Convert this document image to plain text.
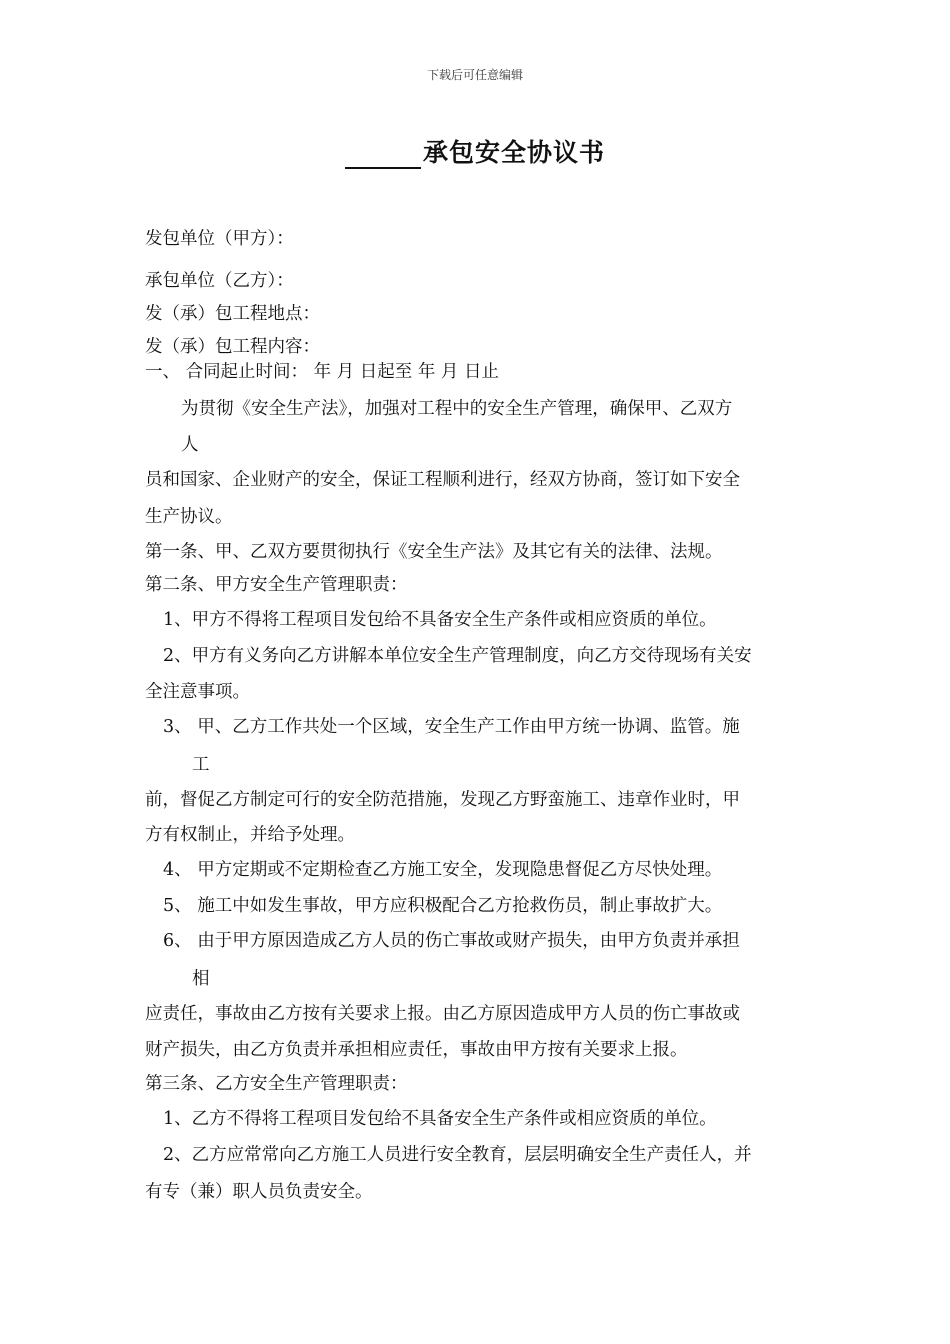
下载后可任意编辑
承包安全协议书
发包单位（甲方）：
承包单位（乙方）：
发（承）包工程地点：
发（承）包工程内容：
一、 合同起止时间： 年 月 日起至 年 月 日止
为贯彻《安全生产法》，加强对工程中的安全生产管理，确保甲、乙双方
人
员和国家、企业财产的安全，保证工程顺利进行，经双方协商，签订如下安全
生产协议。
第一条、甲、乙双方要贯彻执行《安全生产法》及其它有关的法律、法规。
第二条、甲方安全生产管理职责：
1、甲方不得将工程项目发包给不具备安全生产条件或相应资质的单位。
2、甲方有义务向乙方讲解本单位安全生产管理制度，向乙方交待现场有关安
全注意事项。
3、 甲、乙方工作共处一个区域，安全生产工作由甲方统一协调、监管。施
工
前，督促乙方制定可行的安全防范措施，发现乙方野蛮施工、违章作业时，甲
方有权制止，并给予处理。
4、 甲方定期或不定期检查乙方施工安全，发现隐患督促乙方尽快处理。
5、 施工中如发生事故，甲方应积极配合乙方抢救伤员，制止事故扩大。
6、 由于甲方原因造成乙方人员的伤亡事故或财产损失，由甲方负责并承担
相
应责任，事故由乙方按有关要求上报。由乙方原因造成甲方人员的伤亡事故或
财产损失，由乙方负责并承担相应责任，事故由甲方按有关要求上报。
第三条、乙方安全生产管理职责：
1、乙方不得将工程项目发包给不具备安全生产条件或相应资质的单位。
2、乙方应常常向乙方施工人员进行安全教育，层层明确安全生产责任人，并
有专（兼）职人员负责安全。
